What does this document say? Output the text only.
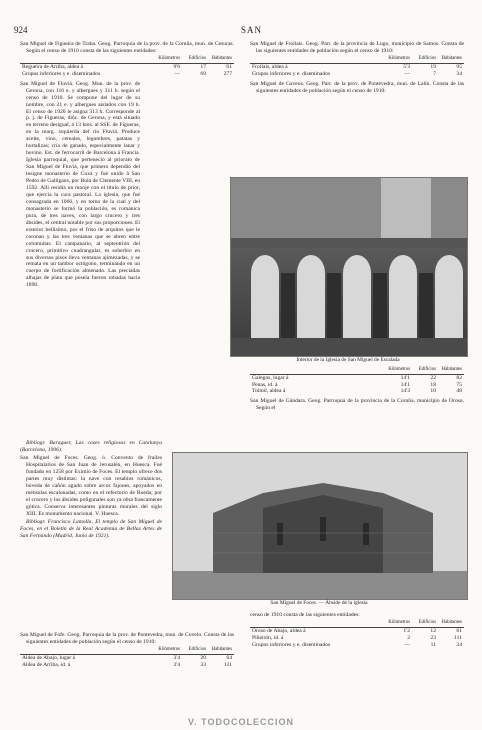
924	SAN

San Miguel de Figueira de Traba. Geog. Parroquia de la prov. de la Coruña, mun. de Cesuras. Según el censo de 1910 consta de las siguientes entidades:

	Kilómetros	Edificios	Habitantes
Regueira de Arriba, aldea á	9'6	17	61
Grupos inferiores y e. diseminados	—	69	277

San Miguel de Fluviá. Geog. Mun. de la prov. de Gerona, con 116 e. y albergues y 311 h. según el censo de 1910. Se compone del lugar de su nombre, con 21 e. y albergues aislados con 19 h. El censo de 1920 le asigna 313 h. Corresponde al p. j. de Figueras, dióc. de Gerona, y está situado en terreno desigual, á 13 kms. al SSE. de Figueras, en la marg. izquierda del río Fluviá. Produce aceite, vino, cereales, legumbres, patatas y hortalizas; cría de ganado, especialmente lanar y bovino. Est. de ferrocarril de Barcelona á Francia. Iglesia parroquial, que perteneció al priorato de San Miguel de Fluviá, que primero dependió del insigne monasterio de Cuxá y fué unido á San Pedro de Galligans, por Bula de Clemente VIII, en 1592. Allí residía un monje con el título de prior, que ejercía la cura pastoral. La iglesia, que fué consagrada en 1066, y en torno de la cual y del monasterio se formó la población, es románica pura, de tres naves, con largo crucero y tres ábsides, el central notable por sus proporciones. El exterior bellísimo, por el friso de arquitos que le coronan y las tres ventanas que se abren entre columnitas. El campanario, al septentrión del crucero, primitivo cuadrangular, es soberbio en sus diversos pisos lleva ventanas ajimezadas, y se remata en un tambor octógono, terminando en un cuerpo de fortificación almenado. Las preciadas alhajas de plata que poseía fueron robadas hacia 1890.

Bibliogr. Baraguer, Las cases religiosas en Catalunya (Barcelona, 1906).

San Miguel de Foces. Geog. ó. Convento de frailes Hospitalarios de San Juan de Jerusalén, en Huesca. Fué fundado en 1258 por Eximio de Foces. El templo ofrece dos partes muy distintas: la nave con resabios románicos, bóveda de cañón agudo sobre arcos fajones, apoyados en ménsulas escalonadas, como en el refectorio de Rueda; por el crucero y los ábsides poligonales son ya obra francamente gótica. Conserva interesantes pinturas murales del siglo XIII. Es monumento nacional. V. Huesca.

Bibliogr. Francisco Lamolla, El templo de San Miguel de Foces, en el Boletín de la Real Academia de Bellas Artes de San Fernando (Madrid, Junio de 1921).

San Miguel de Fofe. Geog. Parroquia de la prov. de Pontevedra, mun. de Covelo. Consta de las siguientes entidades de población según el censo de 1910:

	Kilómetros	Edificios	Habitantes
Aldea de Abajo, lugar á	3'4	20	64
Aldea de Arriba, id. á	3'4	33	111

San Miguel de Froilaís. Geog. Parr. de la provincia de Lugo, municipio de Samos. Consta de las siguientes entidades de población según el censo de 1910:

	Kilómetros	Edificios	Habitantes
Froilaís, aldea á	5'3	19	95
Grupos inferiores y e. diseminados	—	7	34

San Miguel de Gaveos. Geog. Parr. de la prov. de Pontevedra, mun. de Lalín. Consta de las siguientes entidades de población según el censo de 1910:

Interior de la Iglesia de San Miguel de Escalada
	Kilómetros	Edificios	Habitantes
Galegos, lugar á	14'1	22	82
Penas, id. á	14'1	18	75
Toimil, aldea á	14'3	10	48

San Miguel de Gándara. Geog. Parroquia de la provincia de la Coruña, municipio de Oroso. Según el

San Miguel de Foces. — Ábside de la iglesia

censo de 1910 consta de las siguientes entidades:

	Kilómetros	Edificios	Habitantes
Oroso de Abajo, aldea á	1'2	12	61
Piñeirón, id. á	2	23	111
Grupos inferiores y e. diseminados	—	11	34
V. TODOCOLECCION
